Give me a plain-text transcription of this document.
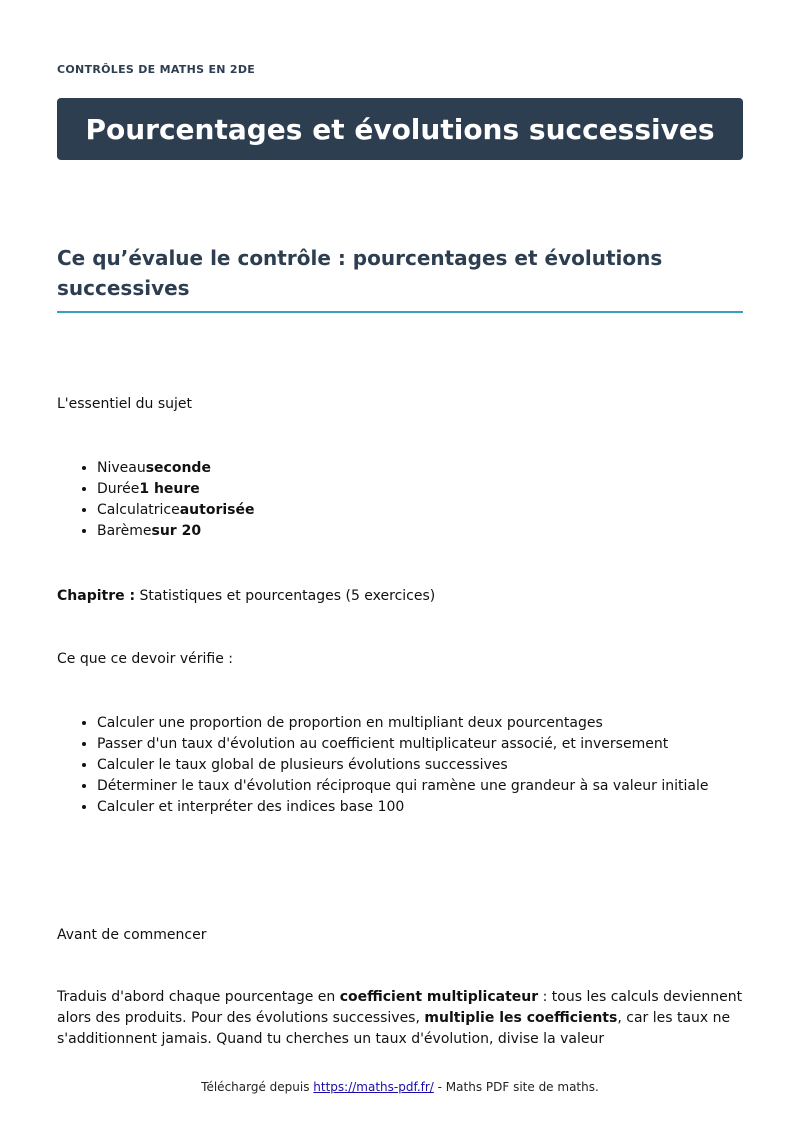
CONTRÔLES DE MATHS EN 2DE
Pourcentages et évolutions successives
Ce qu’évalue le contrôle : pourcentages et évolutions successives

L'essentiel du sujet

• Niveauseconde
• Durée1 heure
• Calculatriceautorisée
• Barèmesur 20

Chapitre : Statistiques et pourcentages (5 exercices)

Ce que ce devoir vérifie :

• Calculer une proportion de proportion en multipliant deux pourcentages
• Passer d'un taux d'évolution au coefficient multiplicateur associé, et inversement
• Calculer le taux global de plusieurs évolutions successives
• Déterminer le taux d'évolution réciproque qui ramène une grandeur à sa valeur initiale
• Calculer et interpréter des indices base 100

Avant de commencer

Traduis d'abord chaque pourcentage en coefficient multiplicateur : tous les calculs deviennent alors des produits. Pour des évolutions successives, multiplie les coefficients, car les taux ne s'additionnent jamais. Quand tu cherches un taux d'évolution, divise la valeur

Téléchargé depuis https://maths-pdf.fr/ - Maths PDF site de maths.
